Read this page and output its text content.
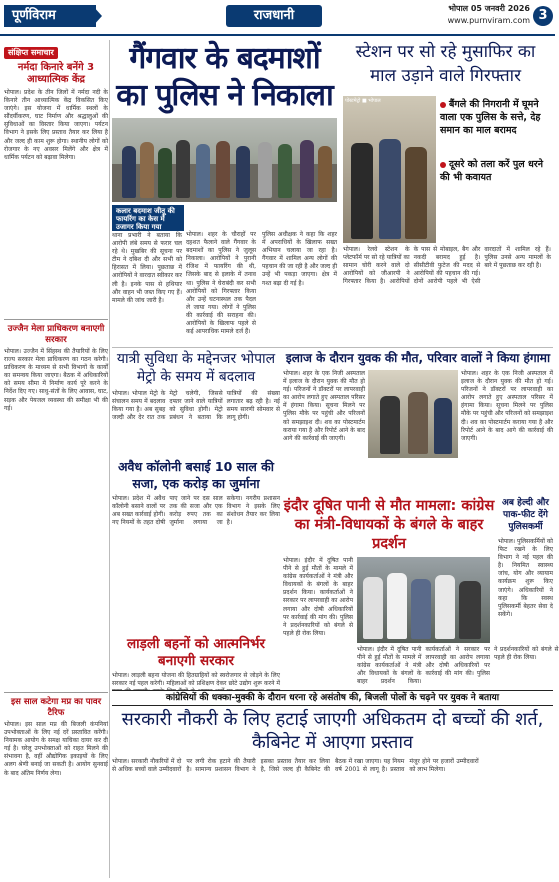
पूर्णविराम	राजधानी	भोपाल 05 जनवरी 2026
www.purnviram.com 3
संक्षिप्त समाचार
नर्मदा किनारे बनेंगे 3 आध्यात्मिक केंद्र
भोपाल। प्रदेश के तीन जिलों में नर्मदा नदी के किनारे तीन आध्यात्मिक केंद्र विकसित किए जाएंगे। इस योजना में धार्मिक स्थलों के सौंदर्यीकरण, घाट निर्माण और श्रद्धालुओं की सुविधाओं का विस्तार किया जाएगा। पर्यटन विभाग ने इसके लिए प्रस्ताव तैयार कर लिया है और जल्द ही काम शुरू होगा। स्थानीय लोगों को रोजगार के नए अवसर मिलेंगे और क्षेत्र में धार्मिक पर्यटन को बढ़ावा मिलेगा।
उज्जैन मेला प्राधिकरण बनाएगी सरकार
भोपाल। उज्जैन में सिंहस्थ की तैयारियों के लिए राज्य सरकार मेला प्राधिकरण का गठन करेगी। प्राधिकरण के माध्यम से सभी विभागों के कार्यों का समन्वय किया जाएगा। बैठक में अधिकारियों को समय सीमा में निर्माण कार्य पूरे करने के निर्देश दिए गए। साधु-संतों के लिए आवास, घाट, सड़क और पेयजल व्यवस्था की समीक्षा भी की गई।
इस साल कटेगा मप्र का पावर टैरिफ
भोपाल। इस साल मप्र की बिजली कंपनियां उपभोक्ताओं के लिए नई दरें प्रस्तावित करेंगी। नियामक आयोग के समक्ष याचिका दायर कर दी गई है। घरेलू उपभोक्ताओं को राहत मिलने की संभावना है, वहीं औद्योगिक इकाइयों के लिए अलग श्रेणी बनाई जा सकती है। आयोग सुनवाई के बाद अंतिम निर्णय लेगा।
गैंगवार के बदमाशों का पुलिस ने निकाला
कलार बदमाश जीतू की फायरिंग का केस में उजागर किया गया
भोपाल। शहर के चौराहों पर दहशत फैलाने वाले गैंगवार के बदमाशों का पुलिस ने जुलूस निकाला। आरोपियों ने पुरानी रंजिश में फायरिंग की थी, जिसके बाद से इलाके में तनाव था। पुलिस ने घेराबंदी कर सभी आरोपियों को गिरफ्तार किया और उन्हें घटनास्थल तक पैदल ले जाया गया। लोगों ने पुलिस की कार्रवाई की सराहना की। आरोपियों के खिलाफ पहले से कई आपराधिक मामले दर्ज हैं।
थाना प्रभारी ने बताया कि आरोपी लंबे समय से फरार चल रहे थे। मुखबिर की सूचना पर टीम ने दबिश दी और सभी को हिरासत में लिया। पूछताछ में आरोपियों ने वारदात स्वीकार कर ली है। इनके पास से हथियार और वाहन भी जब्त किए गए हैं। मामले की जांच जारी है।
पुलिस अधीक्षक ने कहा कि शहर में अपराधियों के खिलाफ सख्त अभियान चलाया जा रहा है। गैंगवार में शामिल अन्य लोगों की पहचान की जा रही है और जल्द ही उन्हें भी पकड़ा जाएगा। क्षेत्र में गश्त बढ़ा दी गई है।
स्टेशन पर सो रहे मुसाफिर का माल उड़ाने वाले गिरफ्तार
पोस्टमेट्रो ■ भोपाल	बैंगले की निगरानी में घूमने वाला एक पुलिस के सत्ते, देह समान का माल बरामद
दूसरे को तला करें पुल धरने की भी कवायत
भोपाल। रेलवे स्टेशन के प्लेटफॉर्म पर सो रहे यात्रियों का सामान चोरी करने वाले दो आरोपियों को जीआरपी ने गिरफ्तार किया है। आरोपियों के पास से मोबाइल, बैग और नकदी बरामद हुई है। सीसीटीवी फुटेज की मदद से आरोपियों की पहचान की गई। दोनों आरोपी पहले भी ऐसी वारदातों में शामिल रहे हैं। पुलिस उनसे अन्य मामलों के बारे में पूछताछ कर रही है।
यात्री सुविधा के मद्देनजर भोपाल मेट्रो के समय में बदलाव
भोपाल। भोपाल मेट्रो के संचालन समय में बदलाव किया गया है। अब सुबह जल्दी और देर रात तक मेट्रो चलेगी, जिससे दफ्तर जाने वाले यात्रियों को सुविधा होगी। मेट्रो प्रबंधन ने बताया कि यात्रियों की संख्या लगातार बढ़ रही है। नई समय सारणी सोमवार से लागू होगी।
इलाज के दौरान युवक की मौत, परिवार वालों ने किया हंगामा
भोपाल। शहर के एक निजी अस्पताल में इलाज के दौरान युवक की मौत हो गई। परिजनों ने डॉक्टरों पर लापरवाही का आरोप लगाते हुए अस्पताल परिसर में हंगामा किया। सूचना मिलने पर पुलिस मौके पर पहुंची और परिजनों को समझाइश दी। शव का पोस्टमार्टम कराया गया है और रिपोर्ट आने के बाद आगे की कार्रवाई की जाएगी।
भोपाल। शहर के एक निजी अस्पताल में इलाज के दौरान युवक की मौत हो गई। परिजनों ने डॉक्टरों पर लापरवाही का आरोप लगाते हुए अस्पताल परिसर में हंगामा किया। सूचना मिलने पर पुलिस मौके पर पहुंची और परिजनों को समझाइश दी। शव का पोस्टमार्टम कराया गया है और रिपोर्ट आने के बाद आगे की कार्रवाई की जाएगी।
अवैध कॉलोनी बसाई 10 साल की सजा, एक करोड़ का जुर्माना
भोपाल। प्रदेश में अवैध कॉलोनी बसाने वालों पर अब सख्त कार्रवाई होगी। नए नियमों के तहत दोषी पाए जाने पर दस साल तक की सजा और एक करोड़ रुपए तक का जुर्माना लगाया जा सकेगा। नगरीय प्रशासन विभाग ने इसके लिए संशोधन तैयार कर लिया है।
इंदौर दूषित पानी से मौत मामला: कांग्रेस का मंत्री-विधायकों के बंगले के बाहर प्रदर्शन
भोपाल। इंदौर में दूषित पानी पीने से हुई मौतों के मामले में कांग्रेस कार्यकर्ताओं ने मंत्री और विधायकों के बंगलों के बाहर प्रदर्शन किया। कार्यकर्ताओं ने सरकार पर लापरवाही का आरोप लगाया और दोषी अधिकारियों पर कार्रवाई की मांग की। पुलिस ने प्रदर्शनकारियों को बंगले से पहले ही रोक लिया।
भोपाल। इंदौर में दूषित पानी पीने से हुई मौतों के मामले में कांग्रेस कार्यकर्ताओं ने मंत्री और विधायकों के बंगलों के बाहर प्रदर्शन किया। कार्यकर्ताओं ने सरकार पर लापरवाही का आरोप लगाया और दोषी अधिकारियों पर कार्रवाई की मांग की। पुलिस ने प्रदर्शनकारियों को बंगले से पहले ही रोक लिया।
अब हेल्दी और पाक-फीट देंगे पुलिसकर्मी
भोपाल। पुलिसकर्मियों को फिट रखने के लिए विभाग ने नई पहल की है। नियमित स्वास्थ्य जांच, योग और व्यायाम कार्यक्रम शुरू किए जाएंगे। अधिकारियों ने कहा कि स्वस्थ पुलिसकर्मी बेहतर सेवा दे सकेंगे।
लाड़ली बहनों को आत्मनिर्भर बनाएगी सरकार
भोपाल। लाड़ली बहना योजना की हितग्राहियों को स्वरोजगार से जोड़ने के लिए सरकार नई पहल करेगी। महिलाओं को प्रशिक्षण देकर छोटे उद्योग शुरू करने में
कांग्रेसियों की धक्का-मुक्की के दौरान धरना रहे असंतोष की, बिजली पोलों के चढ़ने पर युवक ने बताया
सरकारी नौकरी के लिए हटाई जाएगी अधिकतम दो बच्चों की शर्त, कैबिनेट में आएगा प्रस्ताव
भोपाल। सरकारी नौकरियों में दो से अधिक बच्चों वाले उम्मीदवारों पर लगी रोक हटाने की तैयारी है। सामान्य प्रशासन विभाग ने इसका प्रस्ताव तैयार कर लिया है, जिसे जल्द ही कैबिनेट की बैठक में रखा जाएगा। यह नियम वर्ष 2001 से लागू है। प्रस्ताव मंजूर होने पर हजारों उम्मीदवारों को लाभ मिलेगा।
